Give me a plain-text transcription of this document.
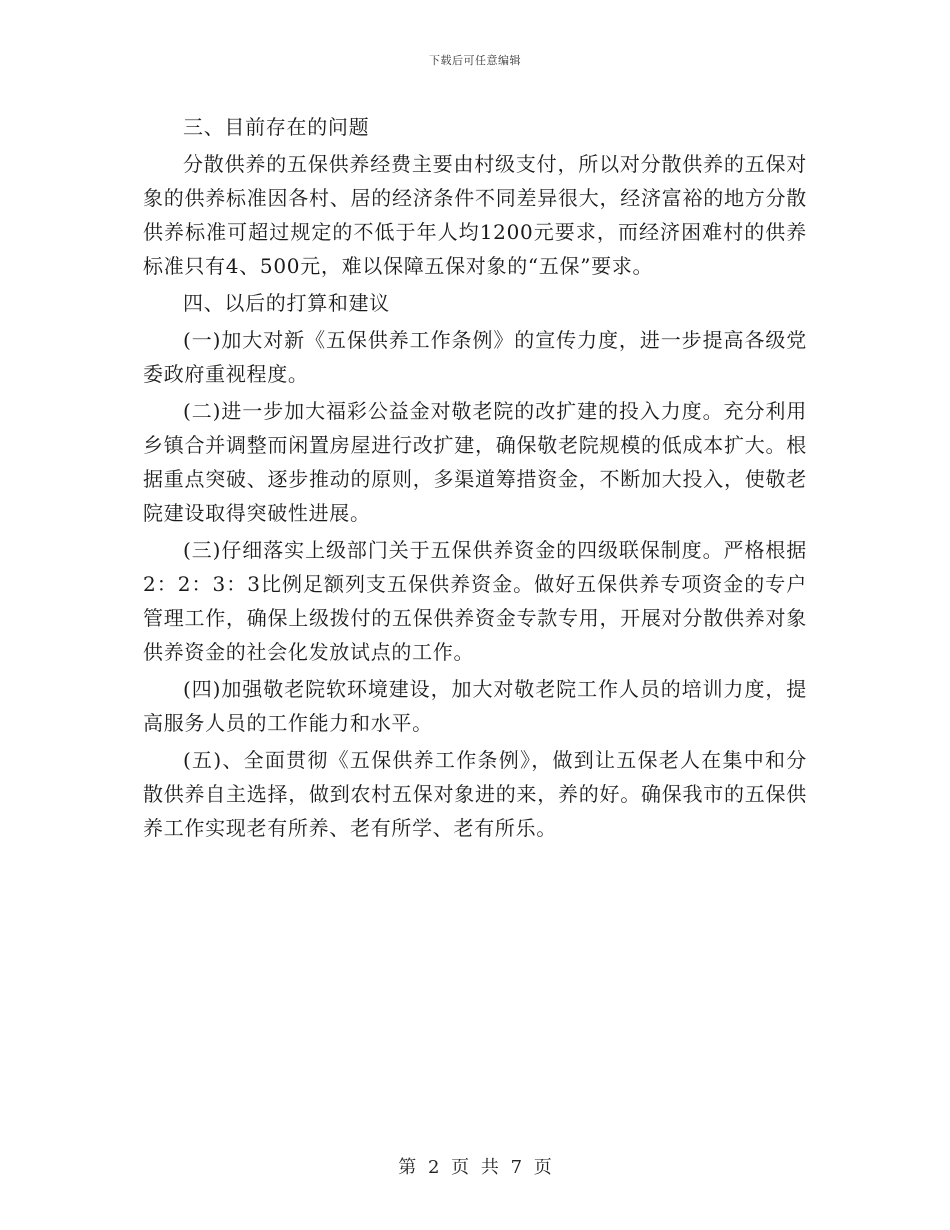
下载后可任意编辑

三、目前存在的问题

分散供养的五保供养经费主要由村级支付，所以对分散供养的五保对象的供养标准因各村、居的经济条件不同差异很大，经济富裕的地方分散供养标准可超过规定的不低于年人均1200元要求，而经济困难村的供养标准只有4、500元，难以保障五保对象的“五保”要求。

四、以后的打算和建议

(一)加大对新《五保供养工作条例》的宣传力度，进一步提高各级党委政府重视程度。

(二)进一步加大福彩公益金对敬老院的改扩建的投入力度。充分利用乡镇合并调整而闲置房屋进行改扩建，确保敬老院规模的低成本扩大。根据重点突破、逐步推动的原则，多渠道筹措资金，不断加大投入，使敬老院建设取得突破性进展。

(三)仔细落实上级部门关于五保供养资金的四级联保制度。严格根据2：2：3：3比例足额列支五保供养资金。做好五保供养专项资金的专户管理工作，确保上级拨付的五保供养资金专款专用，开展对分散供养对象供养资金的社会化发放试点的工作。

(四)加强敬老院软环境建设，加大对敬老院工作人员的培训力度，提高服务人员的工作能力和水平。

(五)、全面贯彻《五保供养工作条例》，做到让五保老人在集中和分散供养自主选择，做到农村五保对象进的来，养的好。确保我市的五保供养工作实现老有所养、老有所学、老有所乐。

第 2 页 共 7 页
